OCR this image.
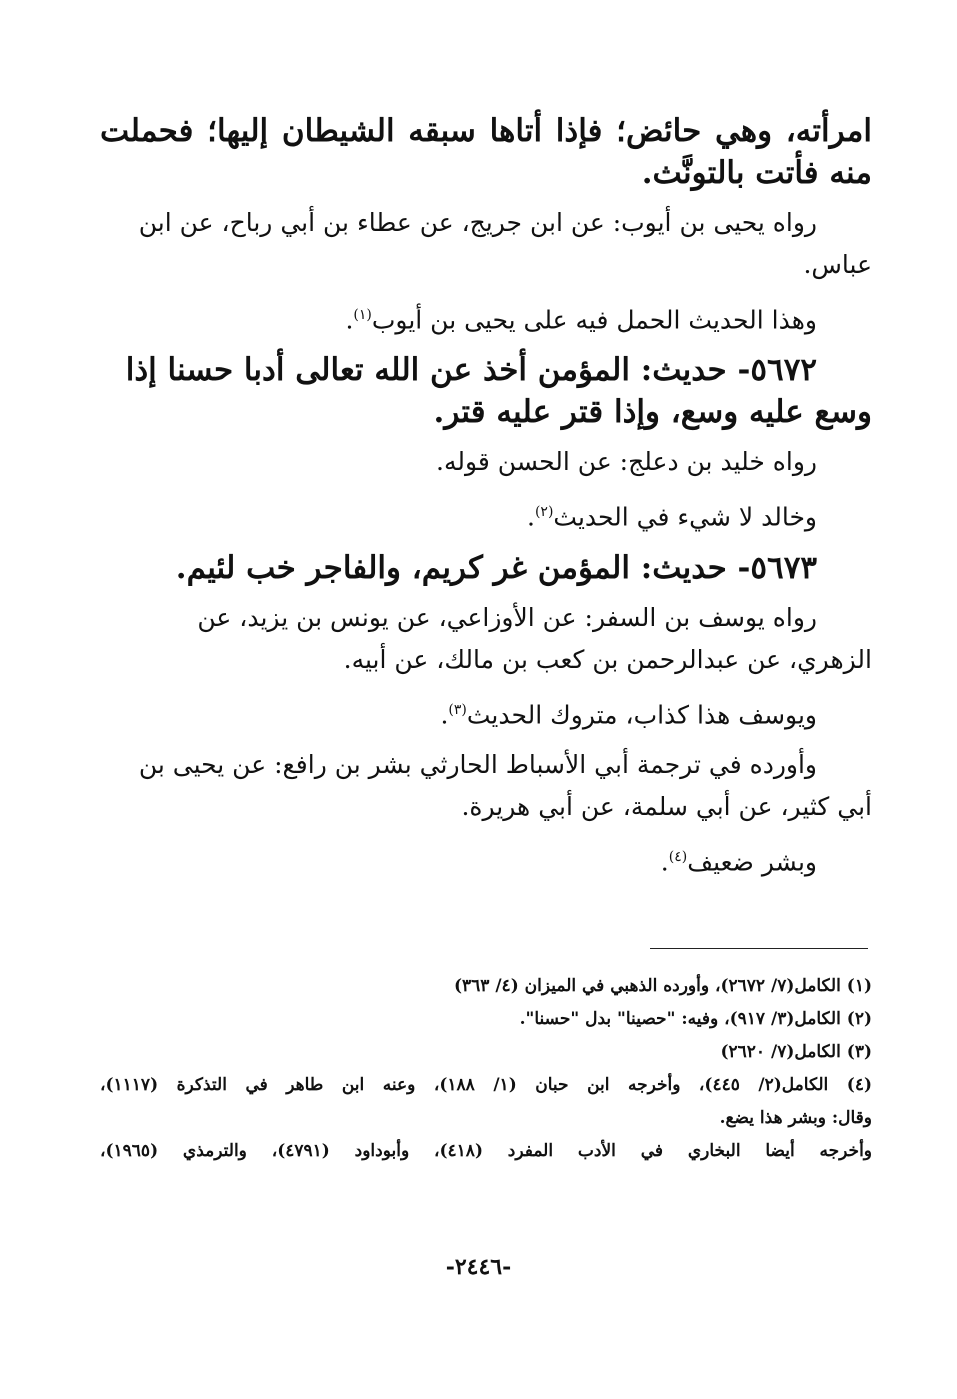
امرأته، وهي حائض؛ فإذا أتاها سبقه الشيطان إليها؛ فحملت
منه فأتت بالتونَّث.
رواه يحيى بن أيوب: عن ابن جريج، عن عطاء بن أبي رباح، عن ابن
عباس.
وهذا الحديث الحمل فيه على يحيى بن أيوب$^{(١)}$.
٥٦٧٢- حديث: المؤمن أخذ عن الله تعالى أدبا حسنا إذا
وسع عليه وسع، وإذا قتر عليه قتر.
رواه خليد بن دعلج: عن الحسن قوله.
وخالد لا شيء في الحديث$^{(٢)}$.
٥٦٧٣- حديث: المؤمن غر كريم، والفاجر خب لئيم.
رواه يوسف بن السفر: عن الأوزاعي، عن يونس بن يزيد، عن
الزهري، عن عبدالرحمن بن كعب بن مالك، عن أبيه.
ويوسف هذا كذاب، متروك الحديث$^{(٣)}$.
وأورده في ترجمة أبي الأسباط الحارثي بشر بن رافع: عن يحيى بن
أبي كثير، عن أبي سلمة، عن أبي هريرة.
وبشر ضعيف$^{(٤)}$.
(١) الكامل(٧/ ٢٦٧٢)، وأورده الذهبي في الميزان (٤/ ٣٦٣)
(٢) الكامل(٣/ ٩١٧)، وفيه: "حصينا" بدل "حسنا".
(٣) الكامل(٧/ ٢٦٢٠)
(٤) الكامل(٢/ ٤٤٥)، وأخرجه ابن حبان (١/ ١٨٨)، وعنه ابن طاهر في التذكرة (١١١٧)،
وقال: وبشر هذا يضع.
وأخرجه أيضا البخاري في الأدب المفرد (٤١٨)، وأبوداود (٤٧٩١)، والترمذي (١٩٦٥)،
-٢٤٤٦-
